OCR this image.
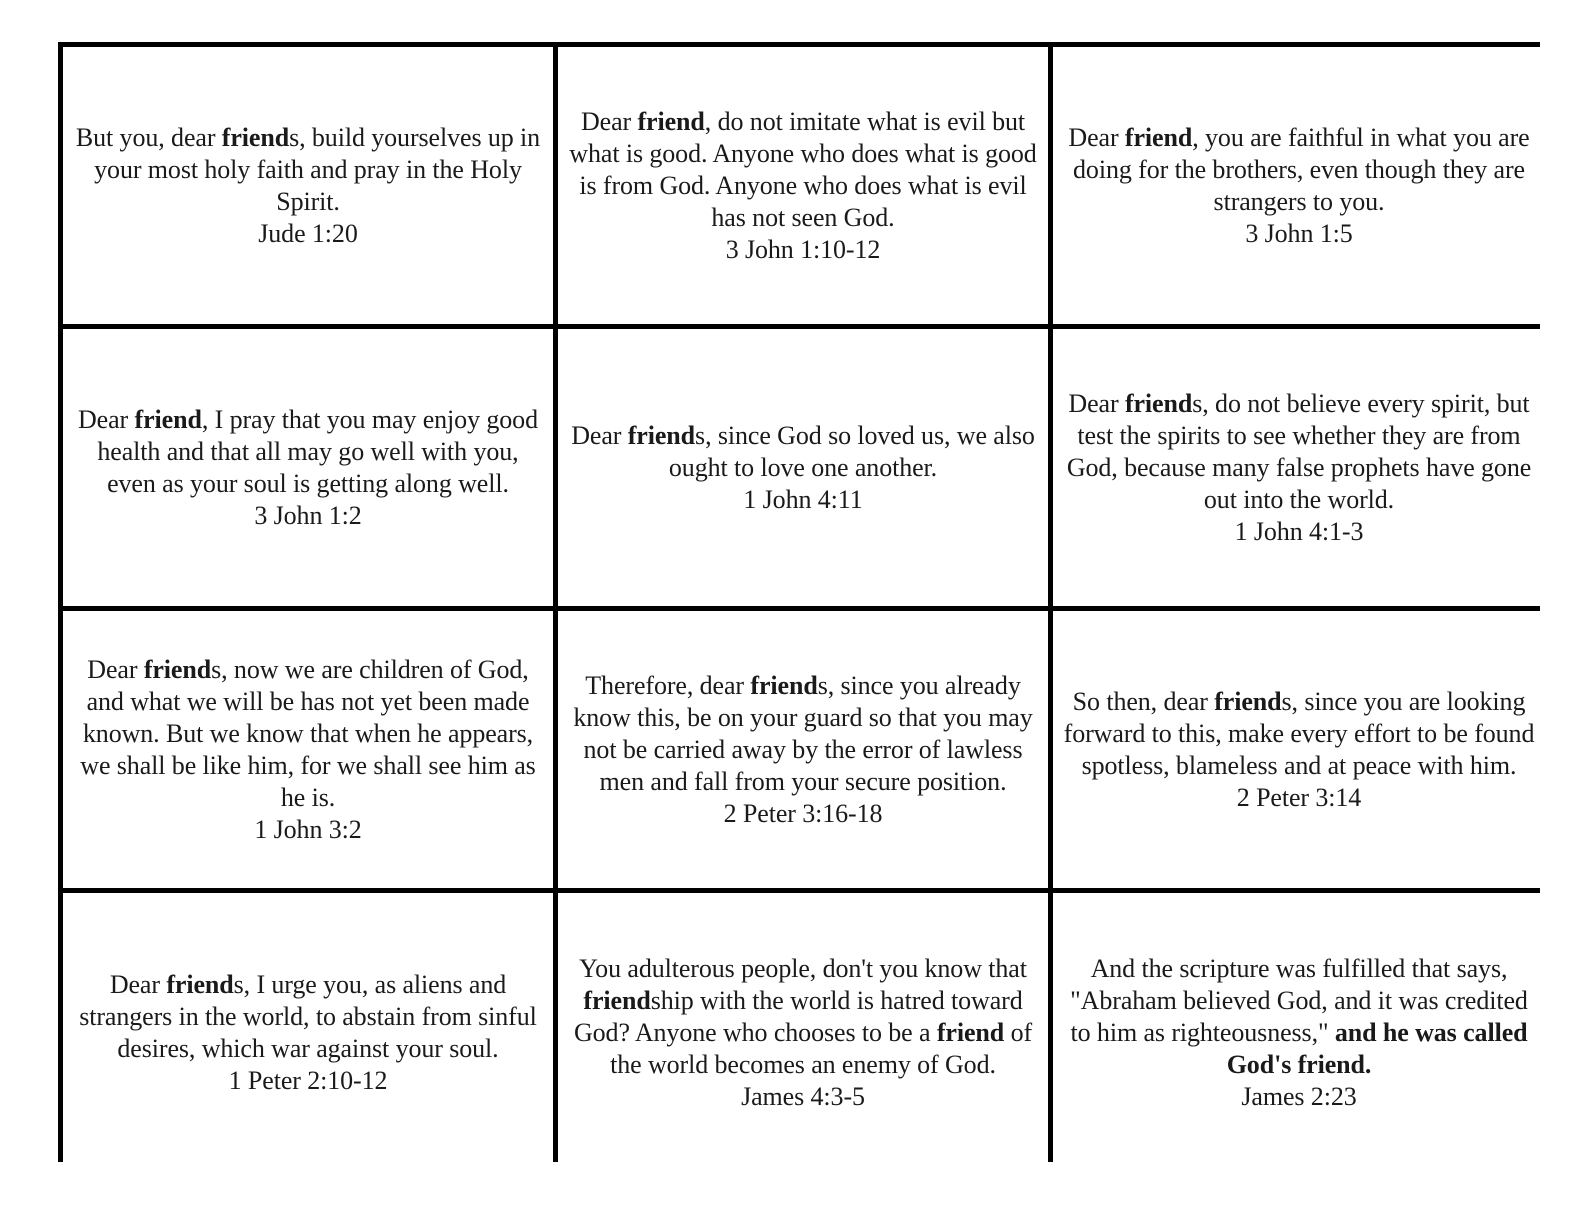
But you, dear friends, build yourselves up in your most holy faith and pray in the Holy Spirit.
Jude 1:20
Dear friend, do not imitate what is evil but what is good. Anyone who does what is good is from God. Anyone who does what is evil has not seen God.
3 John 1:10-12
Dear friend, you are faithful in what you are doing for the brothers, even though they are strangers to you.
3 John 1:5
Dear friend, I pray that you may enjoy good health and that all may go well with you, even as your soul is getting along well.
3 John 1:2
Dear friends, since God so loved us, we also ought to love one another.
1 John 4:11
Dear friends, do not believe every spirit, but test the spirits to see whether they are from God, because many false prophets have gone out into the world.
1 John 4:1-3
Dear friends, now we are children of God, and what we will be has not yet been made known. But we know that when he appears, we shall be like him, for we shall see him as he is.
1 John 3:2
Therefore, dear friends, since you already know this, be on your guard so that you may not be carried away by the error of lawless men and fall from your secure position.
2 Peter 3:16-18
So then, dear friends, since you are looking forward to this, make every effort to be found spotless, blameless and at peace with him.
2 Peter 3:14
Dear friends, I urge you, as aliens and strangers in the world, to abstain from sinful desires, which war against your soul.
1 Peter 2:10-12
You adulterous people, don't you know that friendship with the world is hatred toward God? Anyone who chooses to be a friend of the world becomes an enemy of God.
James 4:3-5
And the scripture was fulfilled that says, "Abraham believed God, and it was credited to him as righteousness," and he was called God's friend.
James 2:23
